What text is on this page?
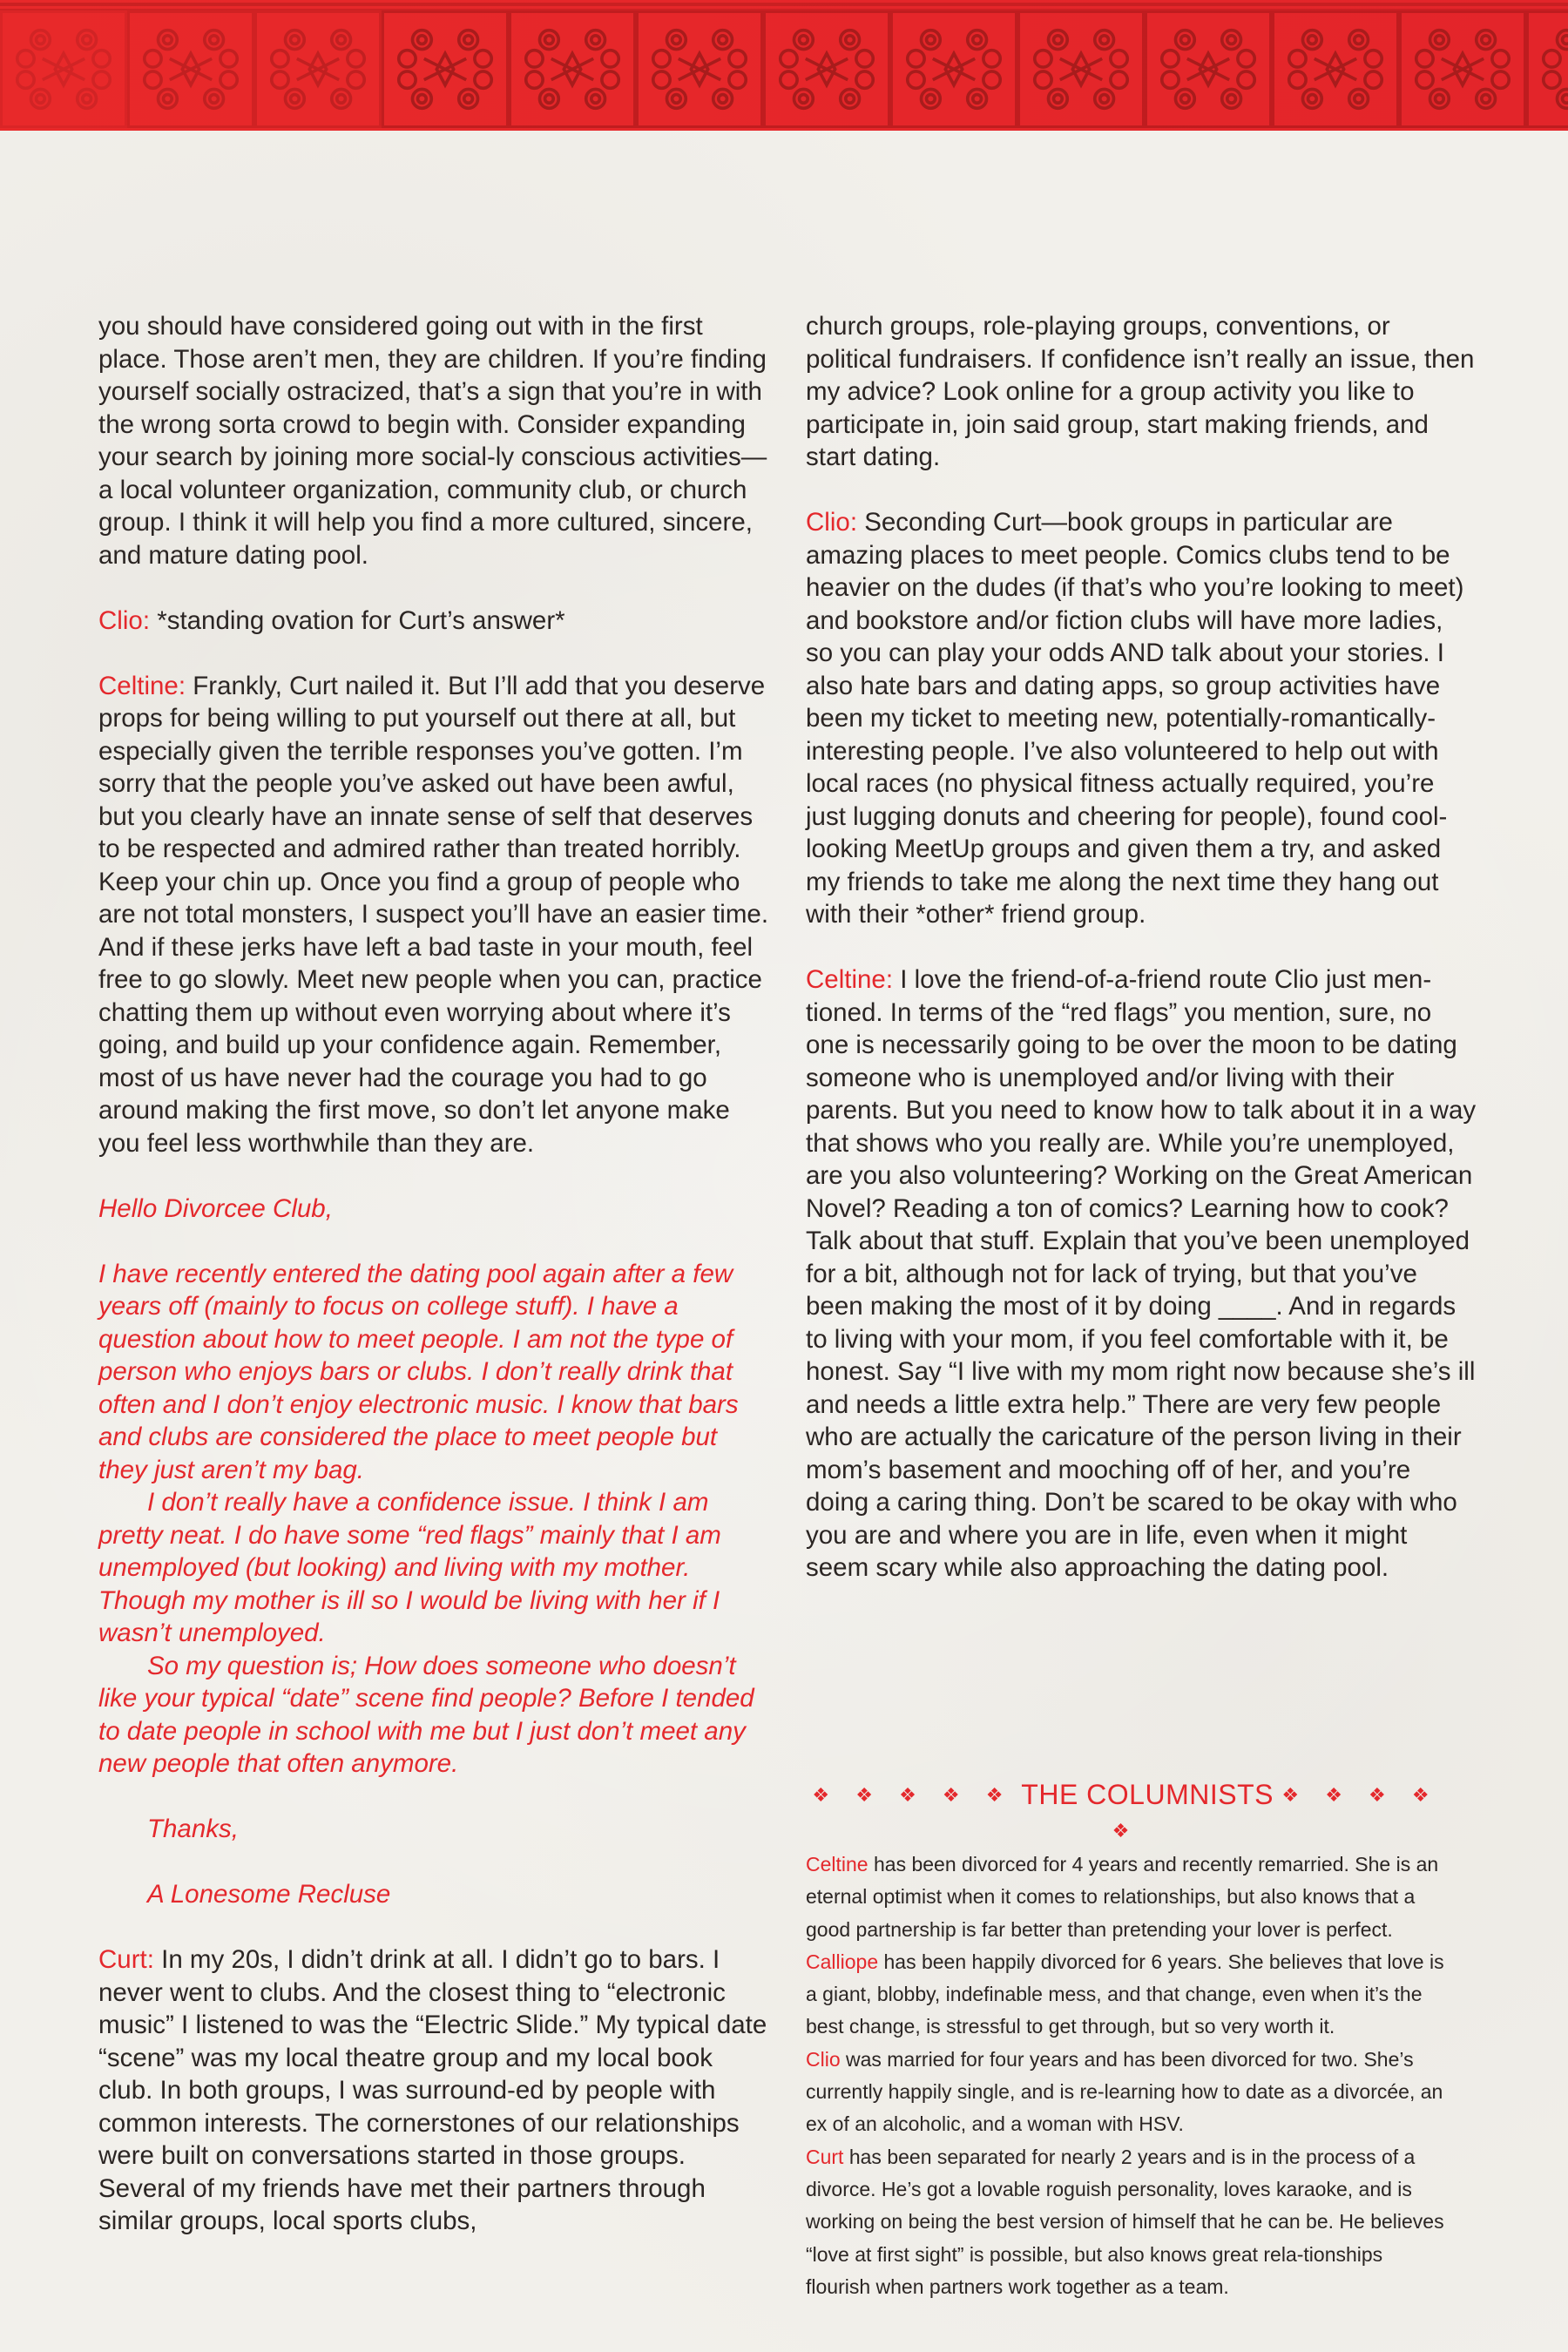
you should have considered going out with in the first place. Those aren’t men, they are children. If you’re finding yourself socially ostracized, that’s a sign that you’re in with the wrong sorta crowd to begin with. Consider expanding your search by joining more social-ly conscious activities—a local volunteer organization, community club, or church group. I think it will help you find a more cultured, sincere, and mature dating pool.

Clio: *standing ovation for Curt’s answer*

Celtine: Frankly, Curt nailed it. But I’ll add that you deserve props for being willing to put yourself out there at all, but especially given the terrible responses you’ve gotten. I’m sorry that the people you’ve asked out have been awful, but you clearly have an innate sense of self that deserves to be respected and admired rather than treated horribly. Keep your chin up. Once you find a group of people who are not total monsters, I suspect you’ll have an easier time. And if these jerks have left a bad taste in your mouth, feel free to go slowly. Meet new people when you can, practice chatting them up without even worrying about where it’s going, and build up your confidence again. Remember, most of us have never had the courage you had to go around making the first move, so don’t let anyone make you feel less worthwhile than they are.

Hello Divorcee Club,

I have recently entered the dating pool again after a few years off (mainly to focus on college stuff). I have a question about how to meet people. I am not the type of person who enjoys bars or clubs. I don’t really drink that often and I don’t enjoy electronic music. I know that bars and clubs are considered the place to meet people but they just aren’t my bag.

I don’t really have a confidence issue. I think I am pretty neat. I do have some “red flags” mainly that I am unemployed (but looking) and living with my mother. Though my mother is ill so I would be living with her if I wasn’t unemployed.

So my question is; How does someone who doesn’t like your typical “date” scene find people? Before I tended to date people in school with me but I just don’t meet any new people that often anymore.

Thanks,

A Lonesome Recluse

Curt: In my 20s, I didn’t drink at all. I didn’t go to bars. I never went to clubs. And the closest thing to “electronic music” I listened to was the “Electric Slide.” My typical date “scene” was my local theatre group and my local book club. In both groups, I was surround-ed by people with common interests. The cornerstones of our relationships were built on conversations started in those groups. Several of my friends have met their partners through similar groups, local sports clubs,

church groups, role-playing groups, conventions, or political fundraisers. If confidence isn’t really an issue, then my advice? Look online for a group activity you like to participate in, join said group, start making friends, and start dating.

Clio: Seconding Curt—book groups in particular are amazing places to meet people. Comics clubs tend to be heavier on the dudes (if that’s who you’re looking to meet) and bookstore and/or fiction clubs will have more ladies, so you can play your odds AND talk about your stories. I also hate bars and dating apps, so group activities have been my ticket to meeting new, potentially-romantically-interesting people. I’ve also volunteered to help out with local races (no physical fitness actually required, you’re just lugging donuts and cheering for people), found cool-looking MeetUp groups and given them a try, and asked my friends to take me along the next time they hang out with their *other* friend group.

Celtine: I love the friend-of-a-friend route Clio just men-tioned. In terms of the “red flags” you mention, sure, no one is necessarily going to be over the moon to be dating someone who is unemployed and/or living with their parents. But you need to know how to talk about it in a way that shows who you really are. While you’re unemployed, are you also volunteering? Working on the Great American Novel? Reading a ton of comics? Learning how to cook? Talk about that stuff. Explain that you’ve been unemployed for a bit, although not for lack of trying, but that you’ve been making the most of it by doing ____. And in regards to living with your mom, if you feel comfortable with it, be honest. Say “I live with my mom right now because she’s ill and needs a little extra help.” There are very few people who are actually the caricature of the person living in their mom’s basement and mooching off of her, and you’re doing a caring thing. Don’t be scared to be okay with who you are and where you are in life, even when it might seem scary while also approaching the dating pool.

❖ ❖ ❖ ❖ ❖ THE COLUMNISTS ❖ ❖ ❖ ❖ ❖
Celtine has been divorced for 4 years and recently remarried. She is an eternal optimist when it comes to relationships, but also knows that a good partnership is far better than pretending your lover is perfect.
Calliope has been happily divorced for 6 years. She believes that love is a giant, blobby, indefinable mess, and that change, even when it’s the best change, is stressful to get through, but so very worth it.
Clio was married for four years and has been divorced for two. She’s currently happily single, and is re-learning how to date as a divorcée, an ex of an alcoholic, and a woman with HSV.
Curt has been separated for nearly 2 years and is in the process of a divorce. He’s got a lovable roguish personality, loves karaoke, and is working on being the best version of himself that he can be. He believes “love at first sight” is possible, but also knows great rela-tionships flourish when partners work together as a team.
